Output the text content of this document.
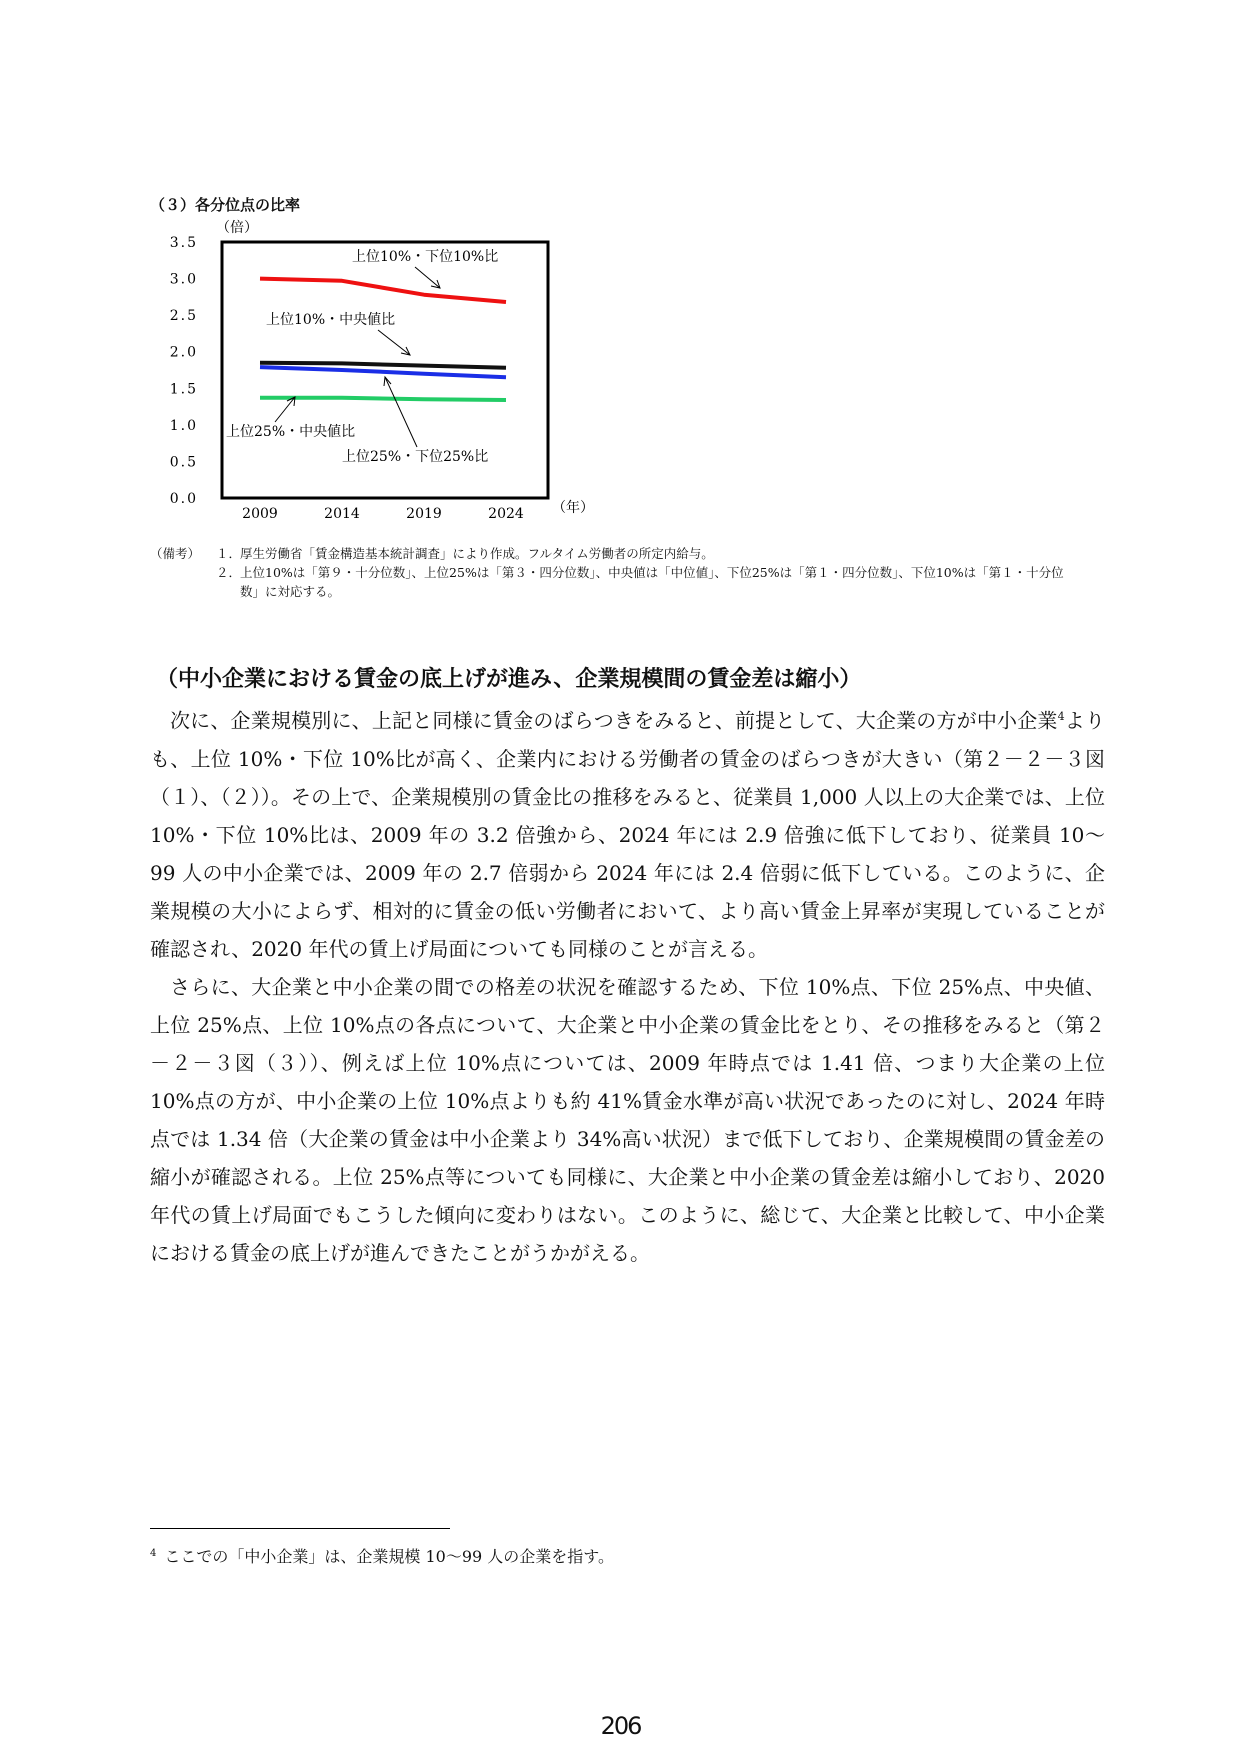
（３）各分位点の比率
0.0
0.5
1.0
1.5
2.0
2.5
3.0
3.5
2009	2014	2019	2024
（倍）
（年）
上位10%・下位10%比
上位10%・中央値比
上位25%・中央値比
上位25%・下位25%比
（備考）	１．
厚生労働省「賃金構造基本統計調査」により作成。フルタイム労働者の所定内給与。
２．
上位10%は「第９・十分位数」、上位25%は「第３・四分位数」、中央値は「中位値」、下位25%は「第１・四分位数」、下位10%は「第１・十分位数」に対応する。
（中小企業における賃金の底上げが進み、企業規模間の賃金差は縮小）

次に、企業規模別に、上記と同様に賃金のばらつきをみると、前提として、大企業の方が中小企業$^4$よりも、上位 10%・下位 10%比が高く、企業内における労働者の賃金のばらつきが大きい（第２－２－３図（１）、（２））。その上で、企業規模別の賃金比の推移をみると、従業員 1,000 人以上の大企業では、上位 10%・下位 10%比は、2009 年の 3.2 倍強から、2024 年には 2.9 倍強に低下しており、従業員 10～99 人の中小企業では、2009 年の 2.7 倍弱から 2024 年には 2.4 倍弱に低下している。このように、企業規模の大小によらず、相対的に賃金の低い労働者において、より高い賃金上昇率が実現していることが確認され、2020 年代の賃上げ局面についても同様のことが言える。

さらに、大企業と中小企業の間での格差の状況を確認するため、下位 10%点、下位 25%点、中央値、上位 25%点、上位 10%点の各点について、大企業と中小企業の賃金比をとり、その推移をみると（第２－２－３図（３））、例えば上位 10%点については、2009 年時点では 1.41 倍、つまり大企業の上位 10%点の方が、中小企業の上位 10%点よりも約 41%賃金水準が高い状況であったのに対し、2024 年時点では 1.34 倍（大企業の賃金は中小企業より 34%高い状況）まで低下しており、企業規模間の賃金差の縮小が確認される。上位 25%点等についても同様に、大企業と中小企業の賃金差は縮小しており、2020 年代の賃上げ局面でもこうした傾向に変わりはない。このように、総じて、大企業と比較して、中小企業における賃金の底上げが進んできたことがうかがえる。

$^4$ ここでの「中小企業」は、企業規模 10～99 人の企業を指す。
206
